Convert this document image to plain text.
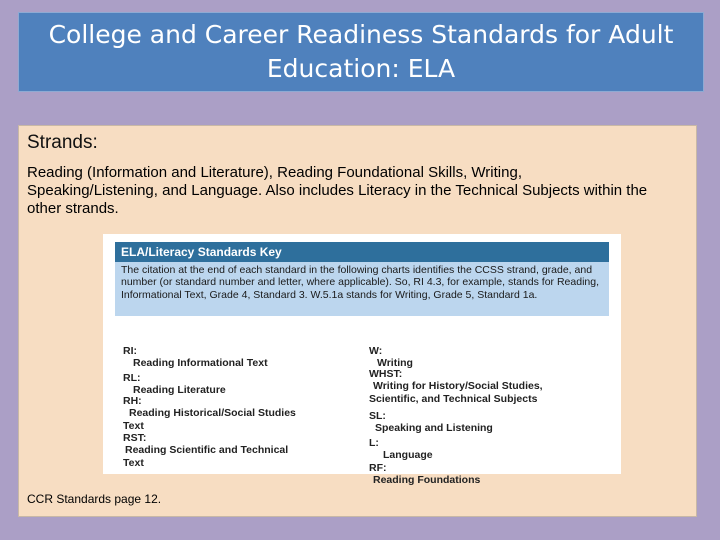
College and Career Readiness Standards for Adult Education: ELA
Strands:
Reading (Information and Literature), Reading Foundational Skills, Writing, Speaking/Listening, and Language. Also includes Literacy in the Technical Subjects within the other strands.
ELA/Literacy Standards Key
The citation at the end of each standard in the following charts identifies the CCSS strand, grade, and number (or standard number and letter, where applicable). So, RI 4.3, for example, stands for Reading, Informational Text, Grade 4, Standard 3. W.5.1a stands for Writing, Grade 5, Standard 1a.

RI:
Reading Informational Text

RL:
Reading Literature

RH:
Reading Historical/Social Studies
Text

RST:
Reading Scientific and Technical
Text

W:
Writing

WHST:
Writing for History/Social Studies,
Scientific, and Technical Subjects

SL:
Speaking and Listening

L:
Language

RF:
Reading Foundations

CCR Standards page 12.
